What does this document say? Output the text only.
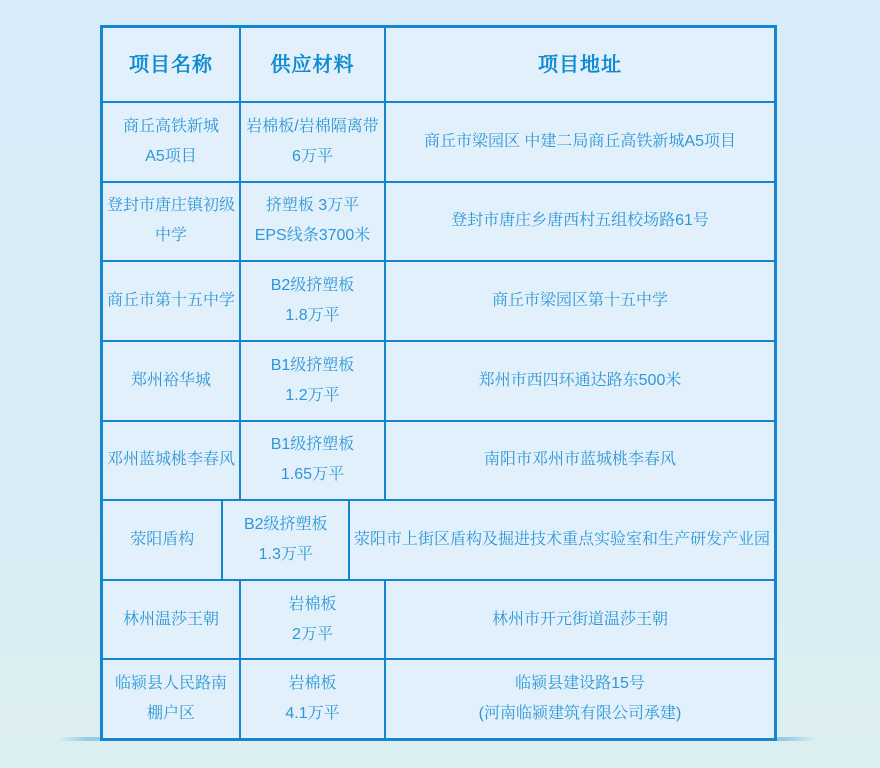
项目名称	供应材料	项目地址
商丘高铁新城
A5项目
岩棉板/岩棉隔离带
6万平
商丘市梁园区 中建二局商丘高铁新城A5项目
登封市唐庄镇初级
中学
挤塑板 3万平
EPS线条3700米
登封市唐庄乡唐西村五组校场路61号
商丘市第十五中学
B2级挤塑板
1.8万平
商丘市梁园区第十五中学
郑州裕华城
B1级挤塑板
1.2万平
郑州市西四环通达路东500米
邓州蓝城桃李春风
B1级挤塑板
1.65万平
南阳市邓州市蓝城桃李春风
荥阳盾构
B2级挤塑板
1.3万平
荥阳市上街区盾构及掘进技术重点实验室和生产研发产业园
林州温莎王朝
岩棉板
2万平
林州市开元街道温莎王朝
临颍县人民路南
棚户区
岩棉板
4.1万平
临颍县建设路15号
(河南临颍建筑有限公司承建)
